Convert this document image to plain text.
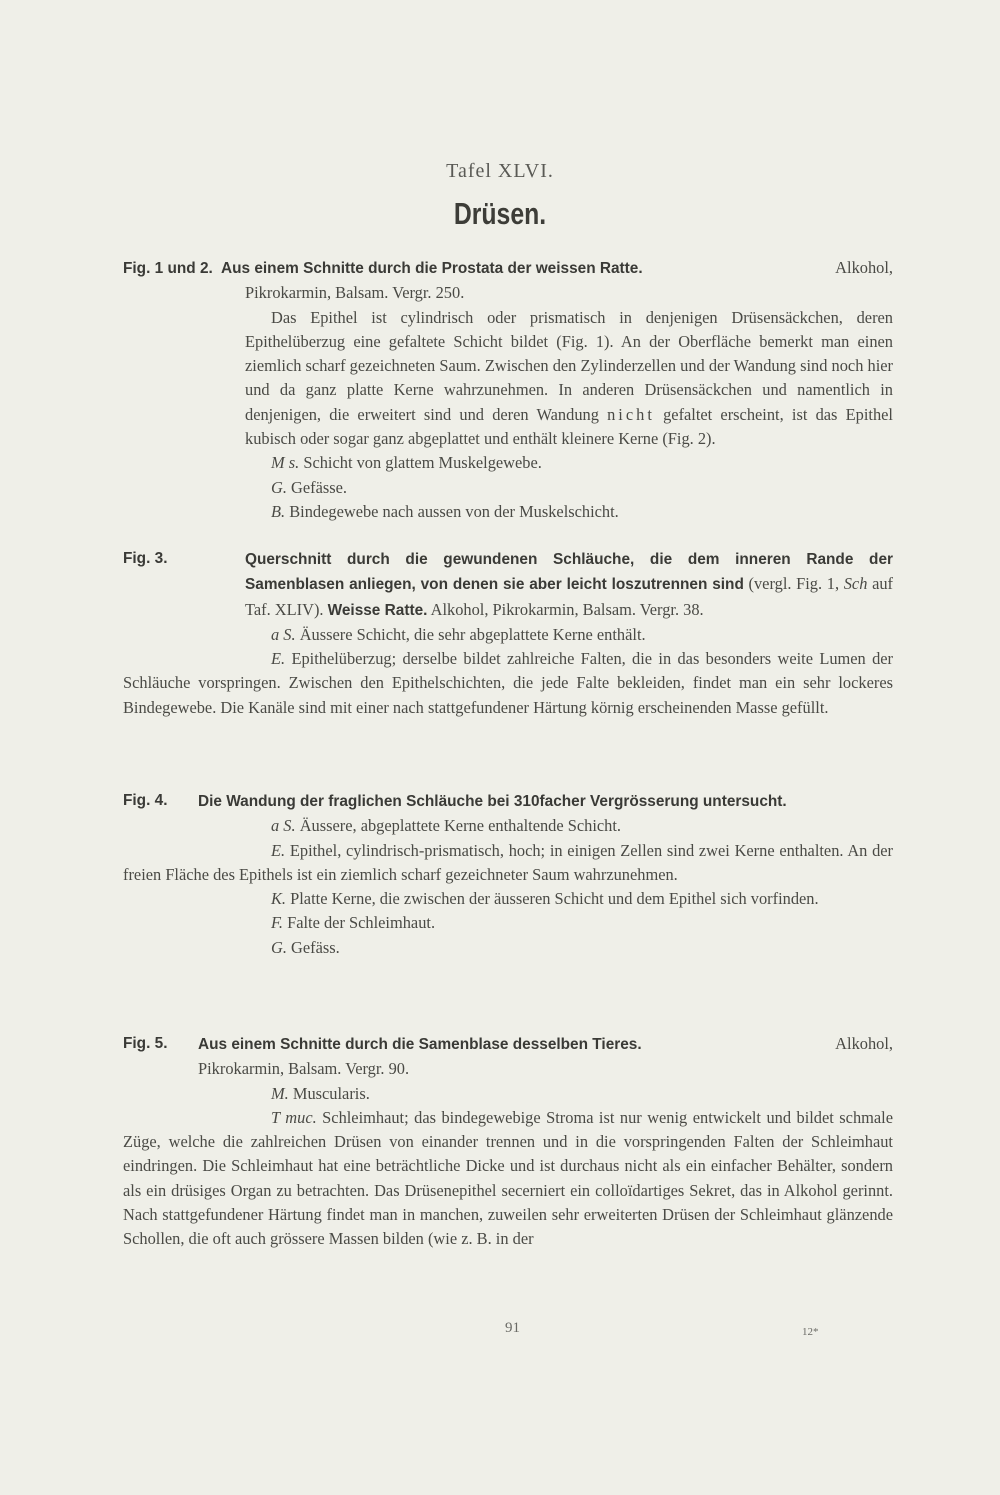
Tafel XLVI.
Drüsen.

Fig. 1 und 2. Aus einem Schnitte durch die Prostata der weissen Ratte.	Alkohol,

Pikrokarmin, Balsam. Vergr. 250.

Das Epithel ist cylindrisch oder prismatisch in denjenigen Drüsensäckchen, deren Epithelüberzug eine gefaltete Schicht bildet (Fig. 1). An der Oberfläche bemerkt man einen ziemlich scharf gezeichneten Saum. Zwischen den Zylinderzellen und der Wandung sind noch hier und da ganz platte Kerne wahrzunehmen. In anderen Drüsensäckchen und namentlich in denjenigen, die erweitert sind und deren Wandung nicht gefaltet erscheint, ist das Epithel kubisch oder sogar ganz abgeplattet und enthält kleinere Kerne (Fig. 2).

M s. Schicht von glattem Muskelgewebe.

G. Gefässe.

B. Bindegewebe nach aussen von der Muskelschicht.

Fig. 3.	Querschnitt durch die gewundenen Schläuche, die dem inneren Rande der Samenblasen anliegen, von denen sie aber leicht loszutrennen sind (vergl. Fig. 1, Sch auf Taf. XLIV). Weisse Ratte. Alkohol, Pikrokarmin, Balsam. Vergr. 38.

a S. Äussere Schicht, die sehr abgeplattete Kerne enthält.

E. Epithelüberzug; derselbe bildet zahlreiche Falten, die in das besonders weite Lumen der Schläuche vorspringen. Zwischen den Epithelschichten, die jede Falte bekleiden, findet man ein sehr lockeres Bindegewebe. Die Kanäle sind mit einer nach stattgefundener Härtung körnig erscheinenden Masse gefüllt.

Fig. 4.	Die Wandung der fraglichen Schläuche bei 310facher Vergrösserung untersucht.

a S. Äussere, abgeplattete Kerne enthaltende Schicht.

E. Epithel, cylindrisch-prismatisch, hoch; in einigen Zellen sind zwei Kerne enthalten. An der freien Fläche des Epithels ist ein ziemlich scharf gezeichneter Saum wahrzunehmen.

K. Platte Kerne, die zwischen der äusseren Schicht und dem Epithel sich vorfinden.

F. Falte der Schleimhaut.

G. Gefäss.

Fig. 5.	Aus einem Schnitte durch die Samenblase desselben Tieres.	Alkohol,

Pikrokarmin, Balsam. Vergr. 90.

M. Muscularis.

T muc. Schleimhaut; das bindegewebige Stroma ist nur wenig entwickelt und bildet schmale Züge, welche die zahlreichen Drüsen von einander trennen und in die vorspringenden Falten der Schleimhaut eindringen. Die Schleimhaut hat eine beträchtliche Dicke und ist durchaus nicht als ein einfacher Behälter, sondern als ein drüsiges Organ zu betrachten. Das Drüsenepithel secerniert ein colloïdartiges Sekret, das in Alkohol gerinnt. Nach stattgefundener Härtung findet man in manchen, zuweilen sehr erweiterten Drüsen der Schleimhaut glänzende Schollen, die oft auch grössere Massen bilden (wie z. B. in der

91	12*
